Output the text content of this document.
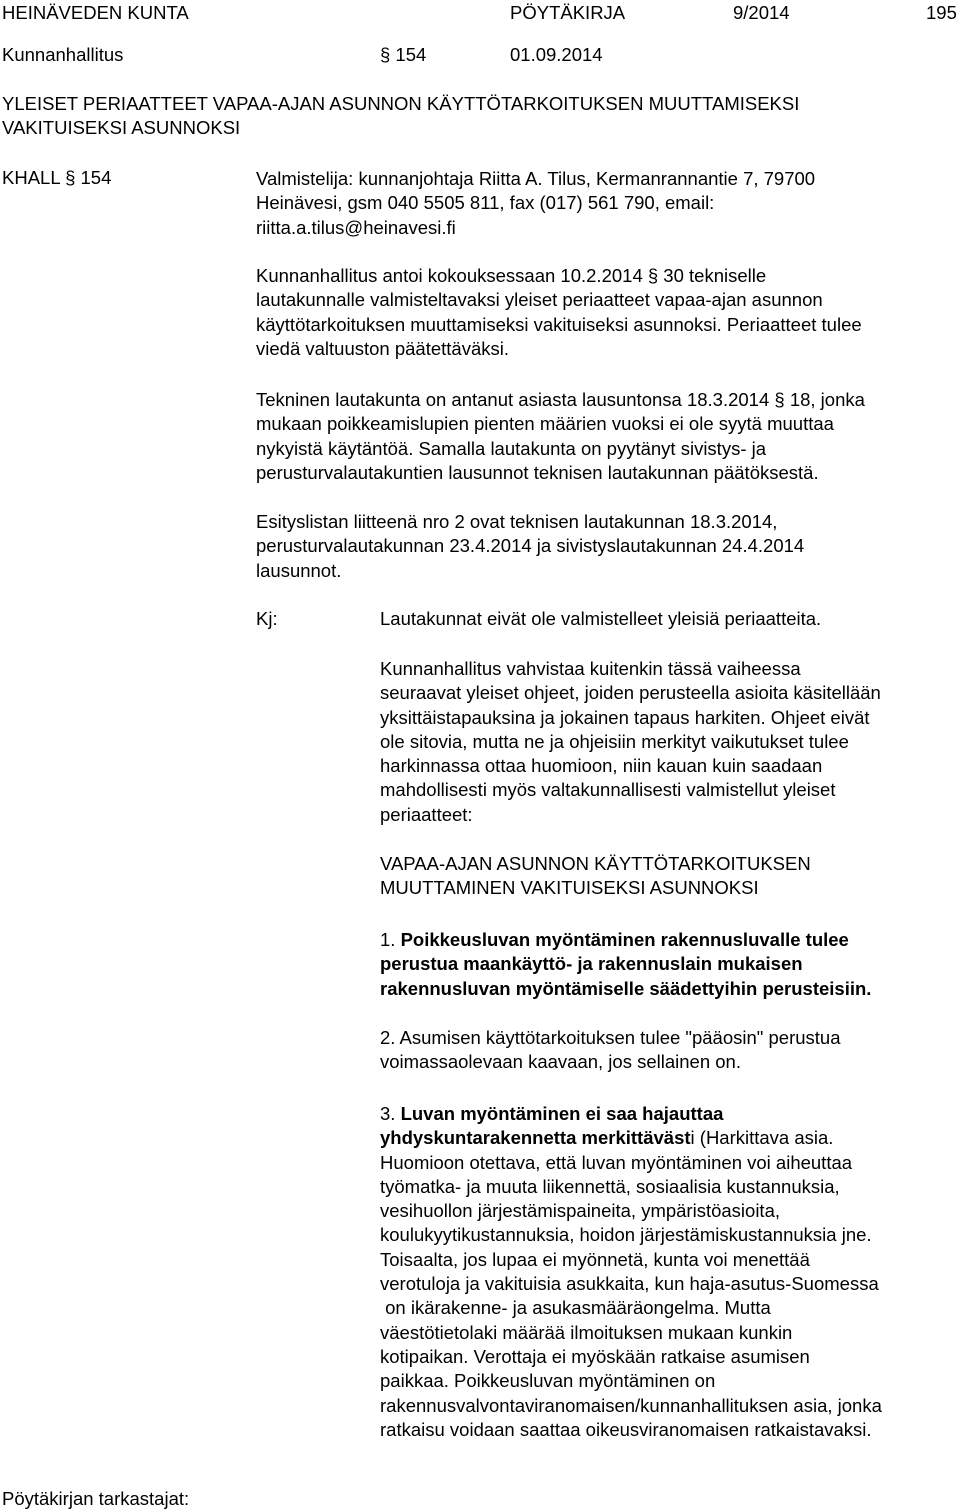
HEINÄVEDEN KUNTA	PÖYTÄKIRJA	9/2014	195
Kunnanhallitus	§ 154	01.09.2014
YLEISET PERIAATTEET VAPAA-AJAN ASUNNON KÄYTTÖTARKOITUKSEN MUUTTAMISEKSI
VAKITUISEKSI ASUNNOKSI
KHALL § 154	Valmistelija: kunnanjohtaja Riitta A. Tilus, Kermanrannantie 7, 79700

Heinävesi, gsm 040 5505 811, fax (017) 561 790, email:

riitta.a.tilus@heinavesi.fi

Kunnanhallitus antoi kokouksessaan 10.2.2014 § 30 tekniselle

lautakunnalle valmisteltavaksi yleiset periaatteet vapaa-ajan asunnon

käyttötarkoituksen muuttamiseksi vakituiseksi asunnoksi. Periaatteet tulee

viedä valtuuston päätettäväksi.

Tekninen lautakunta on antanut asiasta lausuntonsa 18.3.2014 § 18, jonka

mukaan poikkeamislupien pienten määrien vuoksi ei ole syytä muuttaa

nykyistä käytäntöä. Samalla lautakunta on pyytänyt sivistys- ja

perusturvalautakuntien lausunnot teknisen lautakunnan päätöksestä.

Esityslistan liitteenä nro 2 ovat teknisen lautakunnan 18.3.2014,

perusturvalautakunnan 23.4.2014 ja sivistyslautakunnan 24.4.2014

lausunnot.

Kj:	Lautakunnat eivät ole valmistelleet yleisiä periaatteita.

Kunnanhallitus vahvistaa kuitenkin tässä vaiheessa

seuraavat yleiset ohjeet, joiden perusteella asioita käsitellään

yksittäistapauksina ja jokainen tapaus harkiten. Ohjeet eivät

ole sitovia, mutta ne ja ohjeisiin merkityt vaikutukset tulee

harkinnassa ottaa huomioon, niin kauan kuin saadaan

mahdollisesti myös valtakunnallisesti valmistellut yleiset

periaatteet:

VAPAA-AJAN ASUNNON KÄYTTÖTARKOITUKSEN

MUUTTAMINEN VAKITUISEKSI ASUNNOKSI

1. Poikkeusluvan myöntäminen rakennusluvalle tulee

perustua maankäyttö- ja rakennuslain mukaisen

rakennusluvan myöntämiselle säädettyihin perusteisiin.

2. Asumisen käyttötarkoituksen tulee "pääosin" perustua

voimassaolevaan kaavaan, jos sellainen on.

3. Luvan myöntäminen ei saa hajauttaa

yhdyskuntarakennetta merkittävästi (Harkittava asia.

Huomioon otettava, että luvan myöntäminen voi aiheuttaa

työmatka- ja muuta liikennettä, sosiaalisia kustannuksia,

vesihuollon järjestämispaineita, ympäristöasioita,

koulukyytikustannuksia, hoidon järjestämiskustannuksia jne.

Toisaalta, jos lupaa ei myönnetä, kunta voi menettää

verotuloja ja vakituisia asukkaita, kun haja-asutus-Suomessa

on ikärakenne- ja asukasmääräongelma. Mutta

väestötietolaki määrää ilmoituksen mukaan kunkin

kotipaikan. Verottaja ei myöskään ratkaise asumisen

paikkaa. Poikkeusluvan myöntäminen on

rakennusvalvontaviranomaisen/kunnanhallituksen asia, jonka

ratkaisu voidaan saattaa oikeusviranomaisen ratkaistavaksi.

Pöytäkirjan tarkastajat:
